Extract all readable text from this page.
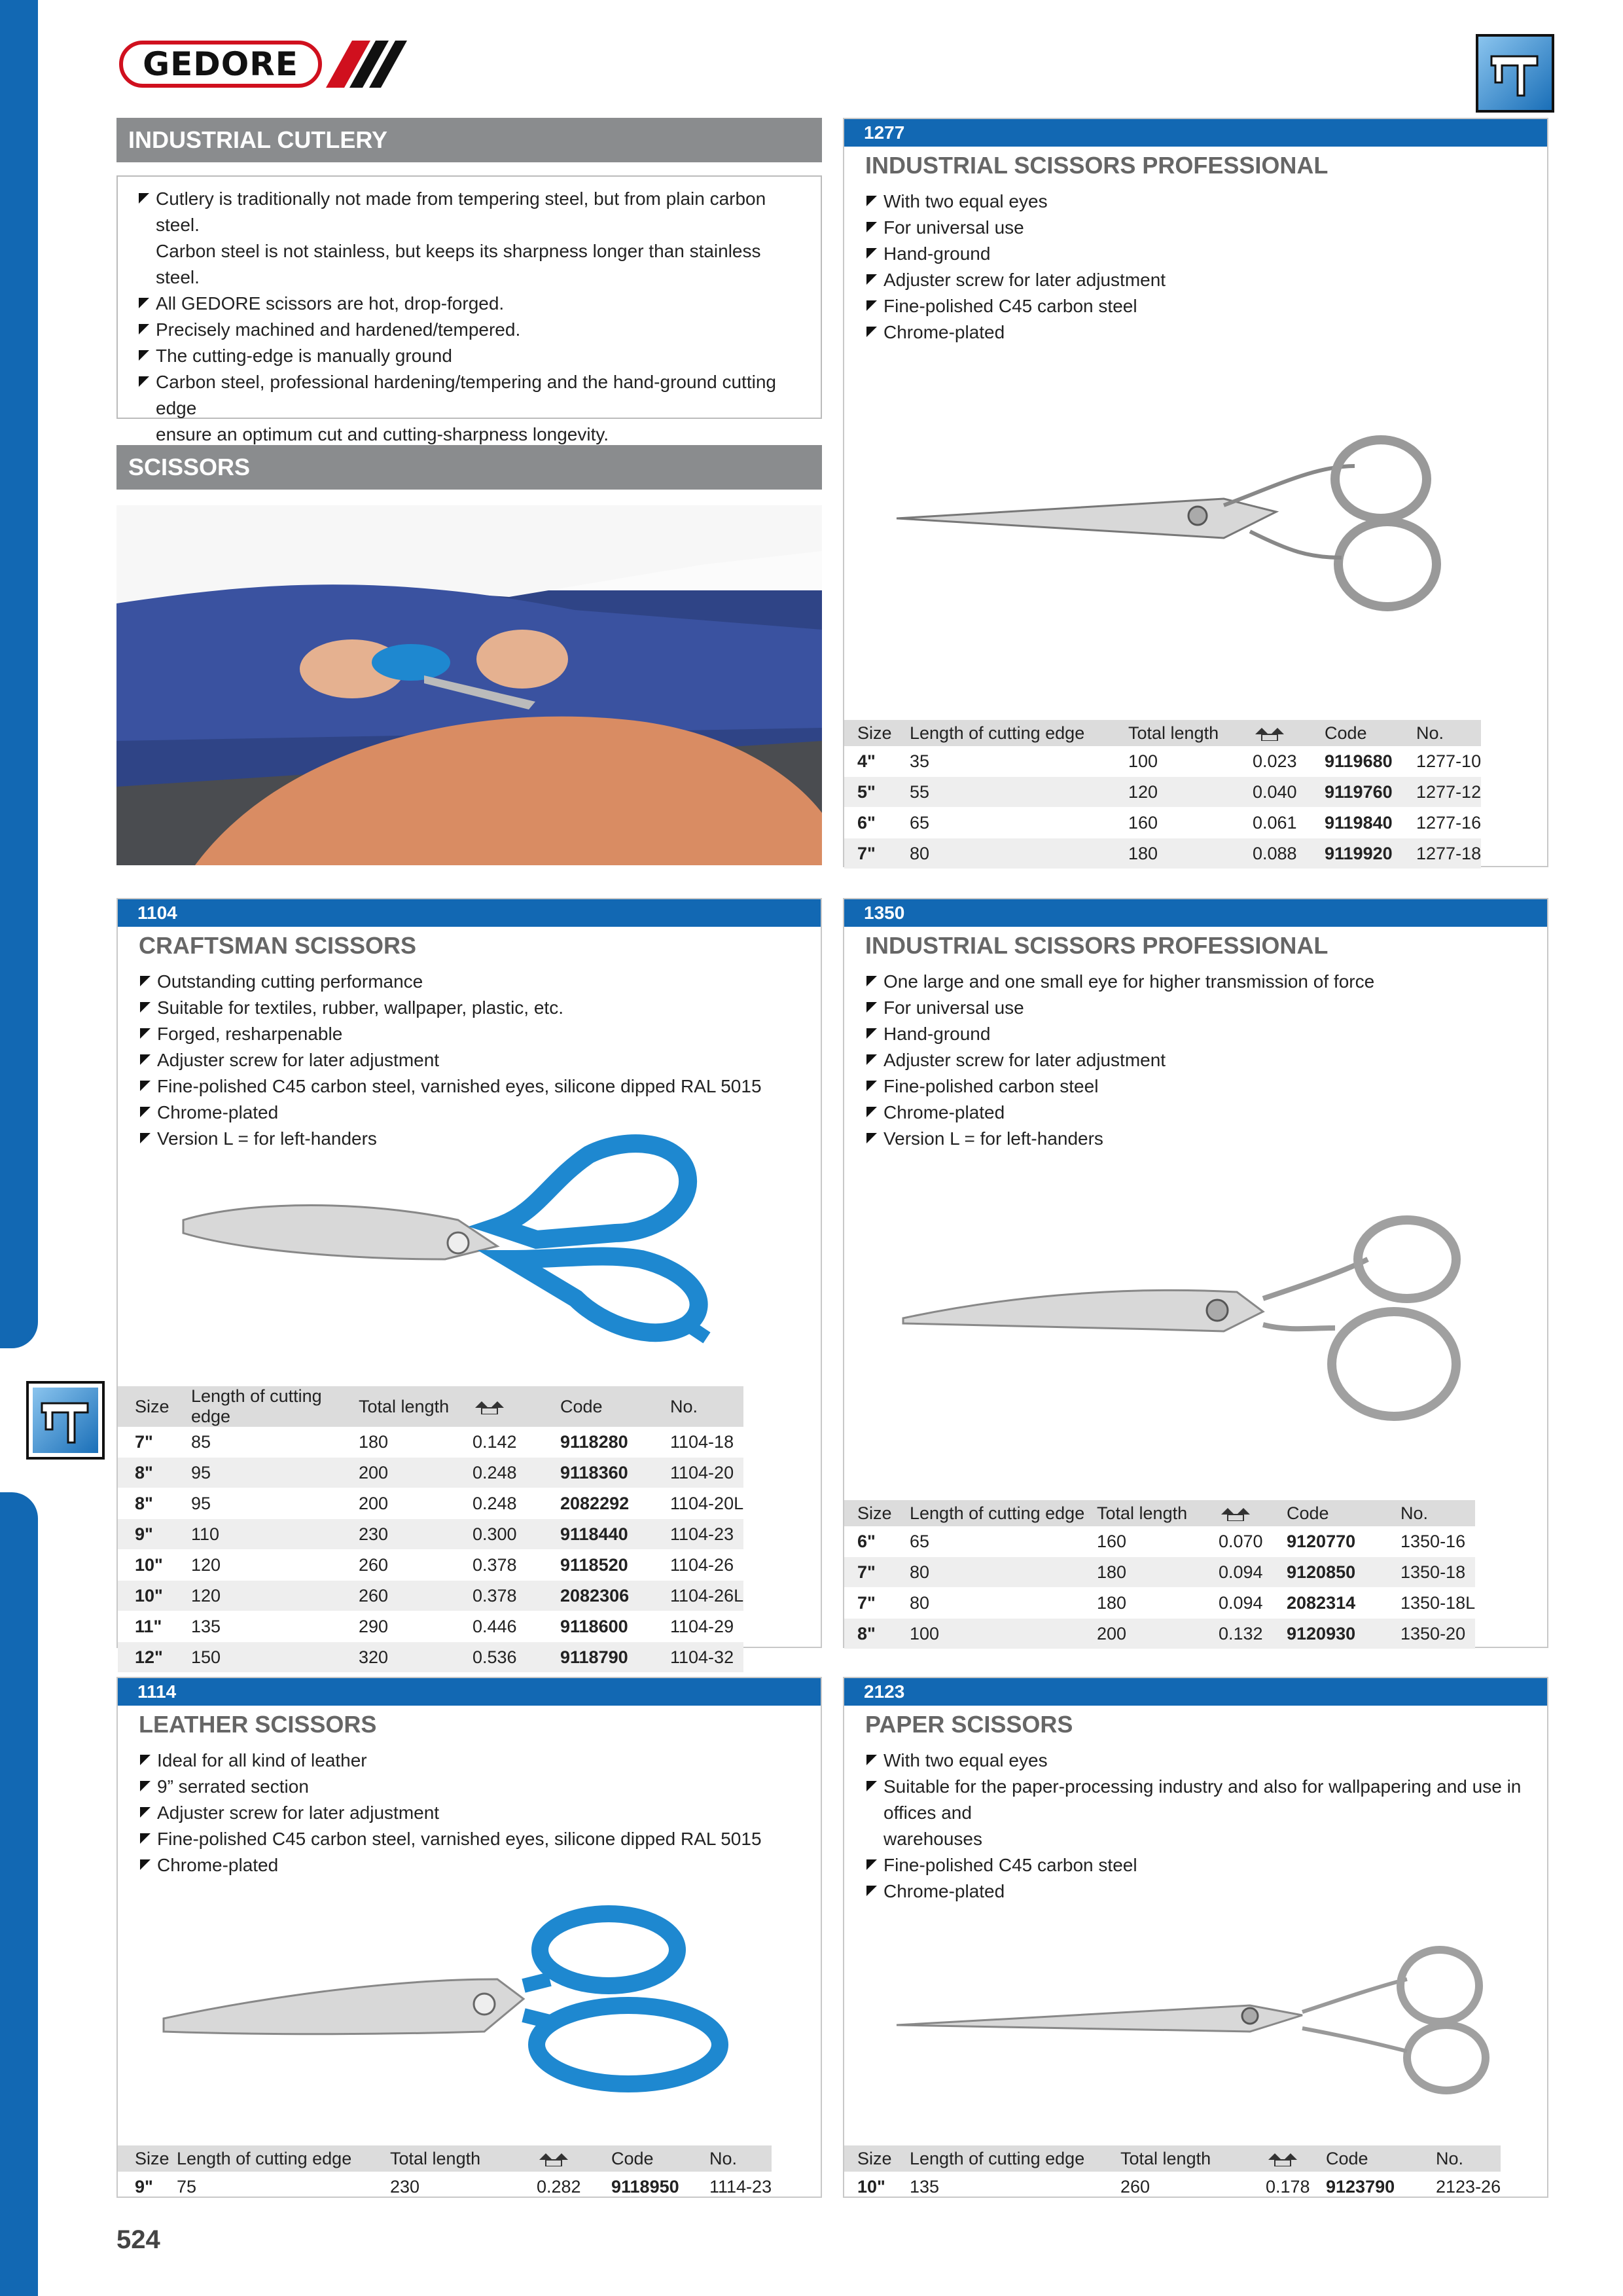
GEDORE
INDUSTRIAL CUTLERY
Cutlery is traditionally not made from tempering steel, but from plain carbon steel.
Carbon steel is not stainless, but keeps its sharpness longer than stainless steel.
All GEDORE scissors are hot, drop-forged.
Precisely machined and hardened/tempered.
The cutting-edge is manually ground
Carbon steel, professional hardening/tempering and the hand-ground cutting edge
ensure an optimum cut and cutting-sharpness longevity.
SCISSORS
1277
INDUSTRIAL SCISSORS PROFESSIONAL
With two equal eyes
For universal use
Hand-ground
Adjuster screw for later adjustment
Fine-polished C45 carbon steel
Chrome-plated
Size	Length of cutting edge	Total length		Code	No.
4"	35	100	0.023	9119680	1277-10
5"	55	120	0.040	9119760	1277-12
6"	65	160	0.061	9119840	1277-16
7"	80	180	0.088	9119920	1277-18
1104
CRAFTSMAN SCISSORS
Outstanding cutting performance
Suitable for textiles, rubber, wallpaper, plastic, etc.
Forged, resharpenable
Adjuster screw for later adjustment
Fine-polished C45 carbon steel, varnished eyes, silicone dipped RAL 5015
Chrome-plated
Version L = for left-handers
Size	Length of cutting edge	Total length		Code	No.
7"	85	180	0.142	9118280	1104-18
8"	95	200	0.248	9118360	1104-20
8"	95	200	0.248	2082292	1104-20L
9"	110	230	0.300	9118440	1104-23
10"	120	260	0.378	9118520	1104-26
10"	120	260	0.378	2082306	1104-26L
11"	135	290	0.446	9118600	1104-29
12"	150	320	0.536	9118790	1104-32
1350
INDUSTRIAL SCISSORS PROFESSIONAL
One large and one small eye for higher transmission of force
For universal use
Hand-ground
Adjuster screw for later adjustment
Fine-polished carbon steel
Chrome-plated
Version L = for left-handers
Size	Length of cutting edge	Total length		Code	No.
6"	65	160	0.070	9120770	1350-16
7"	80	180	0.094	9120850	1350-18
7"	80	180	0.094	2082314	1350-18L
8"	100	200	0.132	9120930	1350-20
1114
LEATHER SCISSORS
Ideal for all kind of leather
9” serrated section
Adjuster screw for later adjustment
Fine-polished C45 carbon steel, varnished eyes, silicone dipped RAL 5015
Chrome-plated
Size	Length of cutting edge	Total length		Code	No.
9"	75	230	0.282	9118950	1114-23
2123
PAPER SCISSORS
With two equal eyes
Suitable for the paper-processing industry and also for wallpapering and use in offices and
warehouses
Fine-polished C45 carbon steel
Chrome-plated
Size	Length of cutting edge	Total length		Code	No.
10"	135	260	0.178	9123790	2123-26
524
